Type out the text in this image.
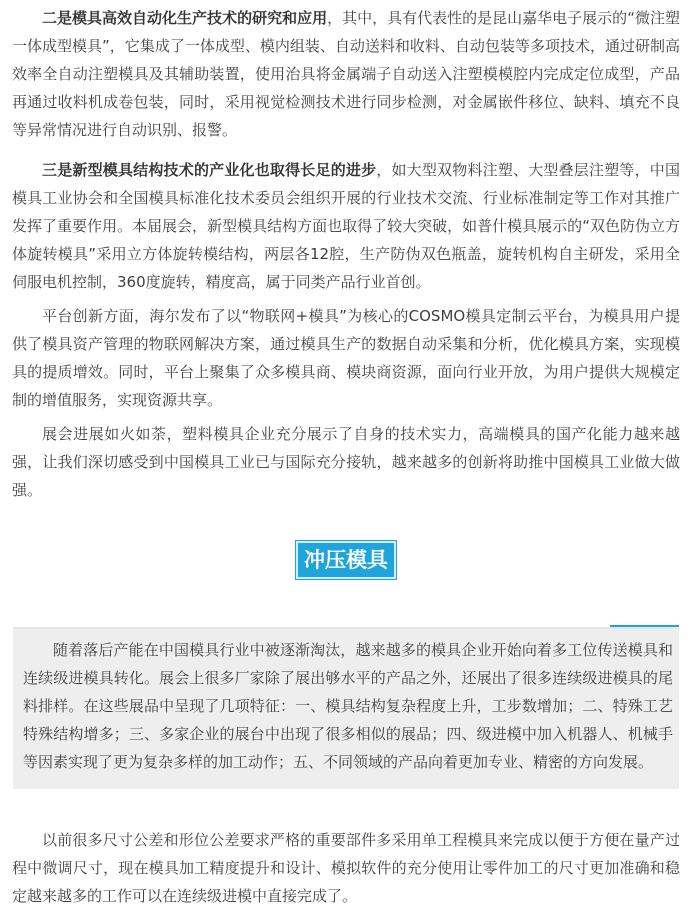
二是模具高效自动化生产技术的研究和应用，其中，具有代表性的是昆山嘉华电子展示的“微注塑一体成型模具”，它集成了一体成型、模内组装、自动送料和收料、自动包装等多项技术，通过研制高效率全自动注塑模具及其辅助装置，使用治具将金属端子自动送入注塑模模腔内完成定位成型，产品再通过收料机成卷包装，同时，采用视觉检测技术进行同步检测，对金属嵌件移位、缺料、填充不良等异常情况进行自动识别、报警。

三是新型模具结构技术的产业化也取得长足的进步，如大型双物料注塑、大型叠层注塑等，中国模具工业协会和全国模具标准化技术委员会组织开展的行业技术交流、行业标准制定等工作对其推广发挥了重要作用。本届展会，新型模具结构方面也取得了较大突破，如普什模具展示的“双色防伪立方体旋转模具”采用立方体旋转模结构，两层各12腔，生产防伪双色瓶盖，旋转机构自主研发，采用全伺服电机控制，360度旋转，精度高，属于同类产品行业首创。

平台创新方面，海尔发布了以“物联网+模具”为核心的COSMO模具定制云平台，为模具用户提供了模具资产管理的物联网解决方案，通过模具生产的数据自动采集和分析，优化模具方案，实现模具的提质增效。同时，平台上聚集了众多模具商、模块商资源，面向行业开放，为用户提供大规模定制的增值服务，实现资源共享。

展会进展如火如荼，塑料模具企业充分展示了自身的技术实力，高端模具的国产化能力越来越强，让我们深切感受到中国模具工业已与国际充分接轨，越来越多的创新将助推中国模具工业做大做强。

冲压模具

随着落后产能在中国模具行业中被逐渐淘汰，越来越多的模具企业开始向着多工位传送模具和连续级进模具转化。展会上很多厂家除了展出够水平的产品之外，还展出了很多连续级进模具的尾料排样。在这些展品中呈现了几项特征：一、模具结构复杂程度上升，工步数增加；二、特殊工艺特殊结构增多；三、多家企业的展台中出现了很多相似的展品；四、级进模中加入机器人、机械手等因素实现了更为复杂多样的加工动作；五、不同领域的产品向着更加专业、精密的方向发展。

以前很多尺寸公差和形位公差要求严格的重要部件多采用单工程模具来完成以便于方便在量产过程中微调尺寸，现在模具加工精度提升和设计、模拟软件的充分使用让零件加工的尺寸更加准确和稳定越来越多的工作可以在连续级进模中直接完成了。
